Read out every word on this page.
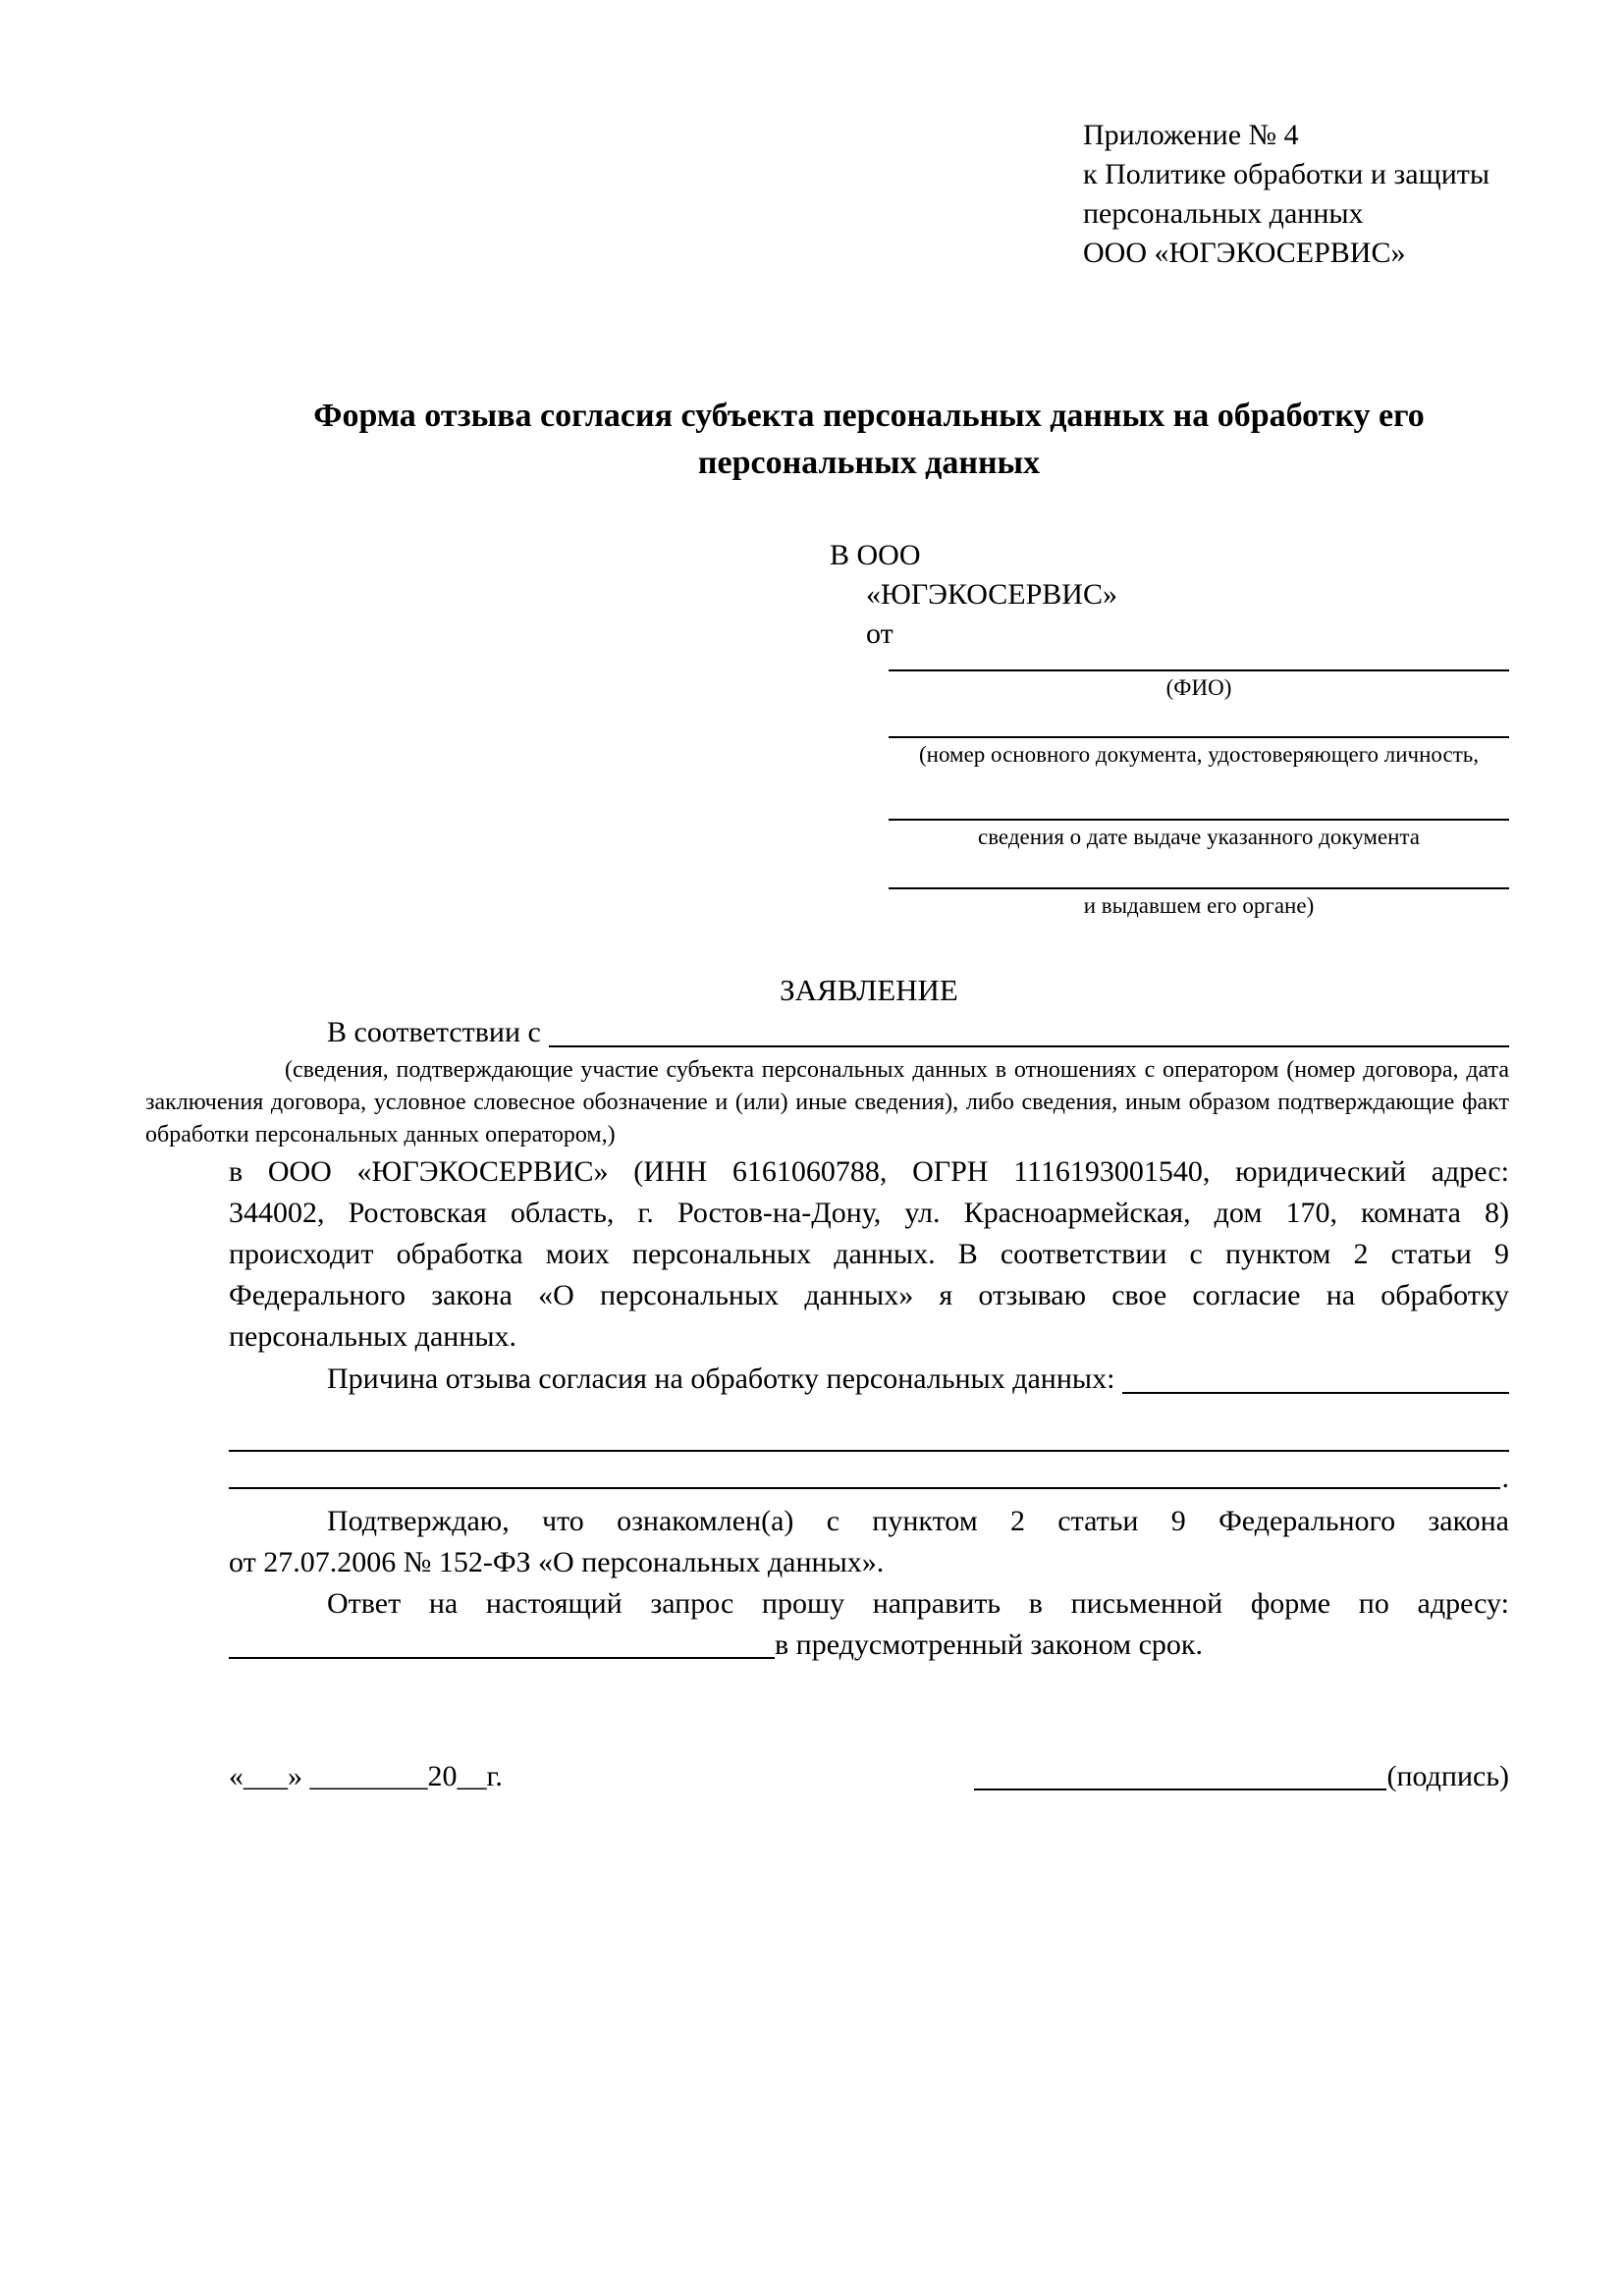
Приложение № 4
к Политике обработки и защиты
персональных данных
ООО «ЮГЭКОСЕРВИС»
Форма отзыва согласия субъекта персональных данных на обработку его персональных данных
В ООО
«ЮГЭКОСЕРВИС»
от
(ФИО)
(номер основного документа, удостоверяющего личность,
сведения о дате выдаче указанного документа
и выдавшем его органе)
ЗАЯВЛЕНИЕ
В соответствии с
(сведения, подтверждающие участие субъекта персональных данных в отношениях с оператором (номер договора, дата
заключения договора, условное словесное обозначение и (или) иные сведения), либо сведения, иным образом подтверждающие факт
обработки персональных данных оператором,)
в ООО «ЮГЭКОСЕРВИС» (ИНН 6161060788, ОГРН 1116193001540, юридический адрес:
344002, Ростовская область, г. Ростов-на-Дону, ул. Красноармейская, дом 170, комната 8)
происходит обработка моих персональных данных. В соответствии с пунктом 2 статьи 9
Федерального закона «О персональных данных» я отзываю свое согласие на обработку
персональных данных.
Причина отзыва согласия на обработку персональных данных:
.
Подтверждаю, что ознакомлен(а) с пунктом 2 статьи 9 Федерального закона
от 27.07.2006 № 152-ФЗ «О персональных данных».
Ответ на настоящий запрос прошу направить в письменной форме по адресу:
в предусмотренный законом срок.
«___» ________20__г.	(подпись)
